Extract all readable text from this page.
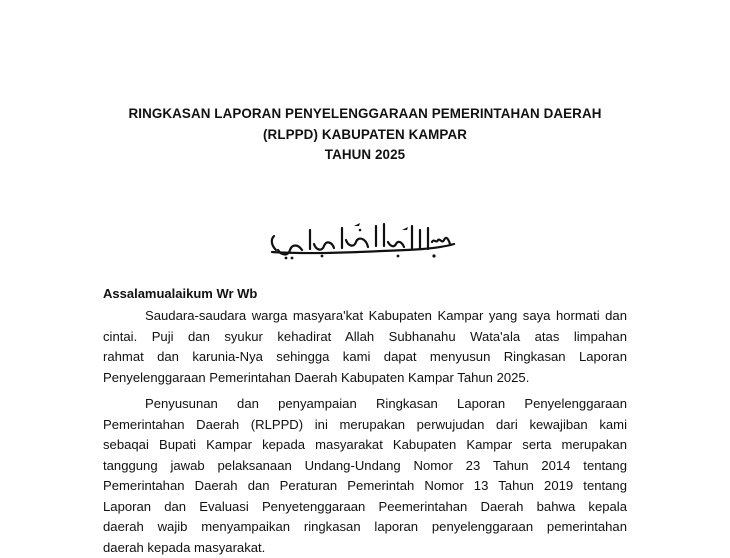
RINGKASAN LAPORAN PENYELENGGARAAN PEMERINTAHAN DAERAH
(RLPPD) KABUPATEN KAMPAR
TAHUN 2025
Assalamualaikum Wr Wb
Saudara-saudara warga masyara'kat Kabupaten Kampar yang saya hormati dan
cintai. Puji dan syukur kehadirat Allah Subhanahu Wata'ala atas limpahan
rahmat dan karunia-Nya sehingga kami dapat menyusun Ringkasan Laporan
Penyelenggaraan Pemerintahan Daerah Kabupaten Kampar Tahun 2025.
Penyusunan dan penyampaian Ringkasan Laporan Penyelenggaraan
Pemerintahan Daerah (RLPPD) ini merupakan perwujudan dari kewajiban kami
sebaqai Bupati Kampar kepada masyarakat Kabupaten Kampar serta merupakan
tanggung jawab pelaksanaan Undang-Undang Nomor 23 Tahun 2014 tentang
Pemerintahan Daerah dan Peraturan Pemerintah Nomor 13 Tahun 2019 tentang
Laporan dan Evaluasi Penyetenggaraan Peemerintahan Daerah bahwa kepala
daerah wajib menyampaikan ringkasan laporan penyelenggaraan pemerintahan
daerah kepada masyarakat.
